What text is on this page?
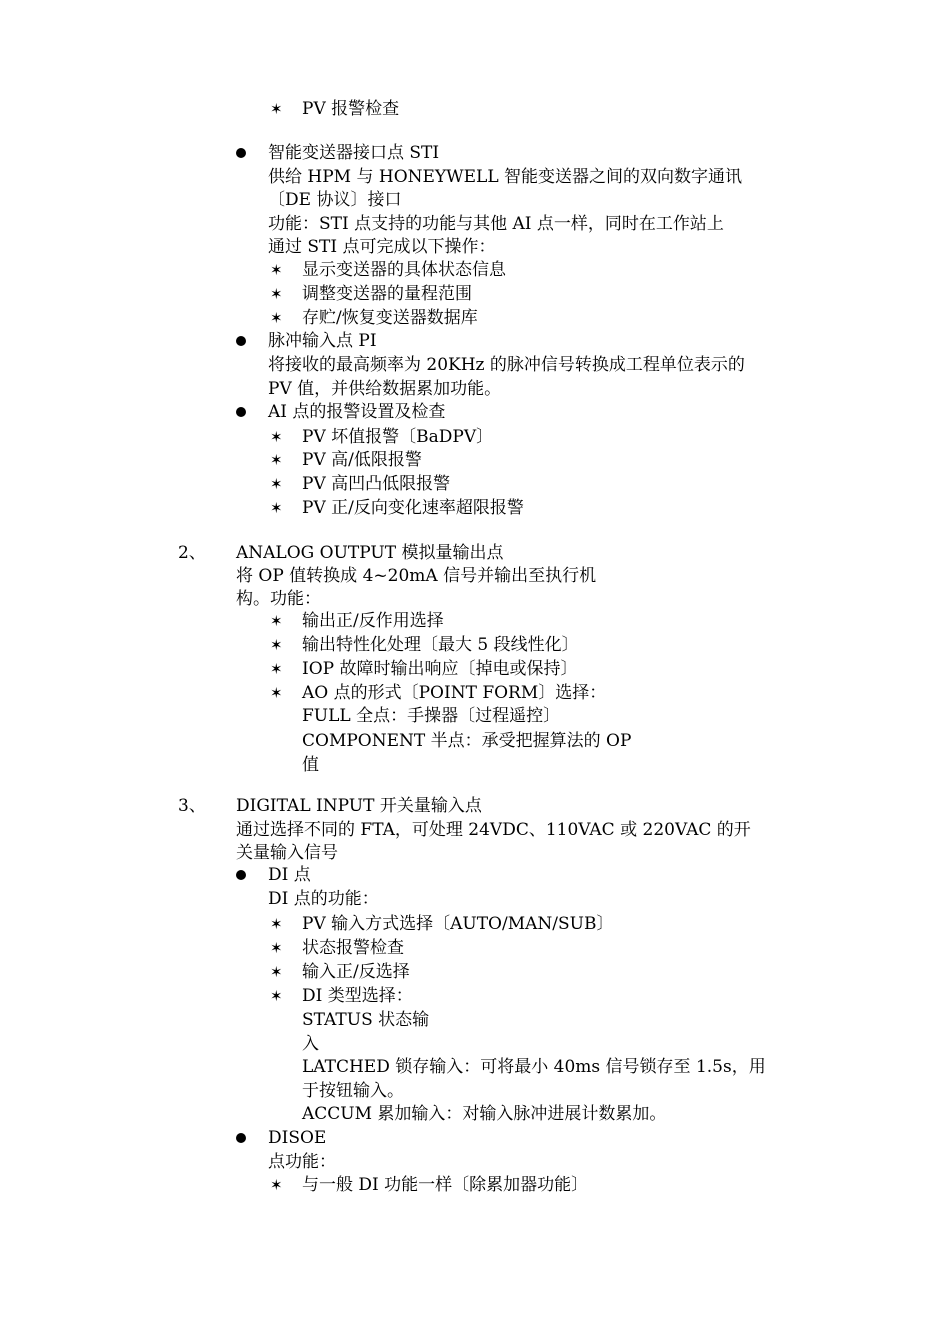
✶ PV 报警检查
智能变送器接口点 STI
供给 HPM 与 HONEYWELL 智能变送器之间的双向数字通讯
〔DE 协议〕接口
功能：STI 点支持的功能与其他 AI 点一样，同时在工作站上
通过 STI 点可完成以下操作：
✶ 显示变送器的具体状态信息
✶ 调整变送器的量程范围
✶ 存贮/恢复变送器数据库
脉冲输入点 PI
将接收的最高频率为 20KHz 的脉冲信号转换成工程单位表示的
PV 值，并供给数据累加功能。
AI 点的报警设置及检查
✶ PV 坏值报警〔BaDPV〕
✶ PV 高/低限报警
✶ PV 高凹凸低限报警
✶ PV 正/反向变化速率超限报警
2、 ANALOG OUTPUT 模拟量输出点
将 OP 值转换成 4~20mA 信号并输出至执行机
构。功能：
✶ 输出正/反作用选择
✶ 输出特性化处理〔最大 5 段线性化〕
✶ IOP 故障时输出响应〔掉电或保持〕
✶ AO 点的形式〔POINT FORM〕选择：
FULL 全点：手操器〔过程遥控〕
COMPONENT 半点：承受把握算法的 OP
值
3、 DIGITAL INPUT 开关量输入点
通过选择不同的 FTA，可处理 24VDC、110VAC 或 220VAC 的开
关量输入信号
DI 点
DI 点的功能：
✶ PV 输入方式选择〔AUTO/MAN/SUB〕
✶ 状态报警检查
✶ 输入正/反选择
✶ DI 类型选择：
STATUS 状态输
入
LATCHED 锁存输入：可将最小 40ms 信号锁存至 1.5s，用
于按钮输入。
ACCUM 累加输入：对输入脉冲进展计数累加。
DISOE
点功能：
✶ 与一般 DI 功能一样〔除累加器功能〕
